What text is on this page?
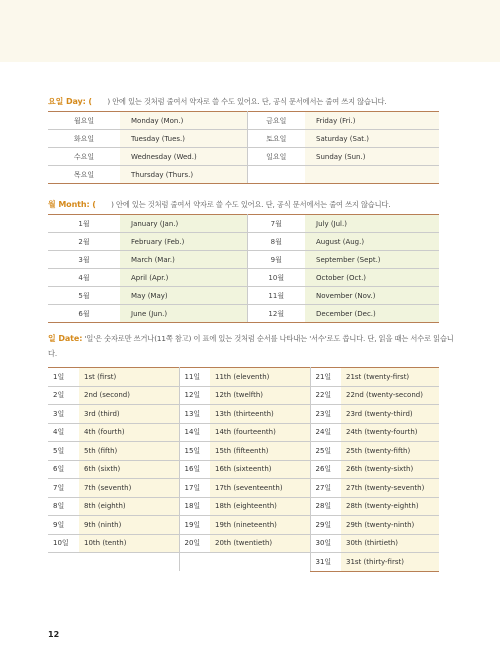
요일 Day: ( ) 안에 있는 것처럼 줄여서 약자로 쓸 수도 있어요. 단, 공식 문서에서는 줄여 쓰지 않습니다.
월요일	Monday (Mon.)	금요일	Friday (Fri.)
화요일	Tuesday (Tues.)	토요일	Saturday (Sat.)
수요일	Wednesday (Wed.)	일요일	Sunday (Sun.)
목요일	Thursday (Thurs.)		
월 Month: ( ) 안에 있는 것처럼 줄여서 약자로 쓸 수도 있어요. 단, 공식 문서에서는 줄여 쓰지 않습니다.
1월	January (Jan.)	7월	July (Jul.)
2월	February (Feb.)	8월	August (Aug.)
3월	March (Mar.)	9월	September (Sept.)
4월	April (Apr.)	10월	October (Oct.)
5월	May (May)	11월	November (Nov.)
6월	June (Jun.)	12월	December (Dec.)
일 Date: '일'은 숫자로만 쓰거나(11쪽 참고) 이 표에 있는 것처럼 순서를 나타내는 '서수'로도 씁니다. 단, 읽을 때는 서수로 읽습니다.
1일	1st (first)	11일	11th (eleventh)	21일	21st (twenty-first)
2일	2nd (second)	12일	12th (twelfth)	22일	22nd (twenty-second)
3일	3rd (third)	13일	13th (thirteenth)	23일	23rd (twenty-third)
4일	4th (fourth)	14일	14th (fourteenth)	24일	24th (twenty-fourth)
5일	5th (fifth)	15일	15th (fifteenth)	25일	25th (twenty-fifth)
6일	6th (sixth)	16일	16th (sixteenth)	26일	26th (twenty-sixth)
7일	7th (seventh)	17일	17th (seventeenth)	27일	27th (twenty-seventh)
8일	8th (eighth)	18일	18th (eighteenth)	28일	28th (twenty-eighth)
9일	9th (ninth)	19일	19th (nineteenth)	29일	29th (twenty-ninth)
10일	10th (tenth)	20일	20th (twentieth)	30일	30th (thirtieth)
				31일	31st (thirty-first)
12
